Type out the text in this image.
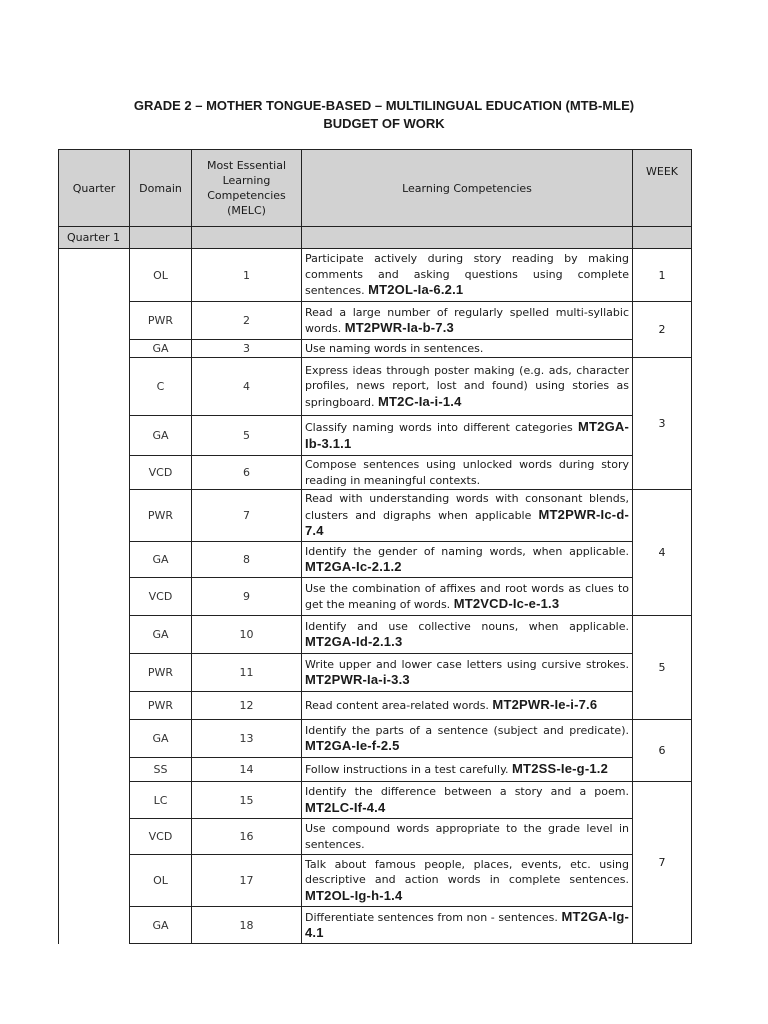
GRADE 2 – MOTHER TONGUE-BASED – MULTILINGUAL EDUCATION (MTB-MLE)
BUDGET OF WORK
Quarter	Domain	Most Essential Learning Competencies (MELC)	Learning Competencies	WEEK
Quarter 1				
	OL	1	Participate actively during story reading by making comments and asking questions using complete sentences. MT2OL-Ia-6.2.1	1
	PWR	2	Read a large number of regularly spelled multi-syllabic words. MT2PWR-Ia-b-7.3	2
	GA	3	Use naming words in sentences.	
	C	4	Express ideas through poster making (e.g. ads, character profiles, news report, lost and found) using stories as springboard. MT2C-Ia-i-1.4	3
	GA	5	Classify naming words into different categories MT2GA-Ib-3.1.1	
	VCD	6	Compose sentences using unlocked words during story reading in meaningful contexts.	
	PWR	7	Read with understanding words with consonant blends, clusters and digraphs when applicable MT2PWR-Ic-d-7.4	4
	GA	8	Identify the gender of naming words, when applicable. MT2GA-Ic-2.1.2	
	VCD	9	Use the combination of affixes and root words as clues to get the meaning of words. MT2VCD-Ic-e-1.3	
	GA	10	Identify and use collective nouns, when applicable. MT2GA-Id-2.1.3	5
	PWR	11	Write upper and lower case letters using cursive strokes. MT2PWR-Ia-i-3.3	
	PWR	12	Read content area-related words. MT2PWR-Ie-i-7.6	
	GA	13	Identify the parts of a sentence (subject and predicate). MT2GA-Ie-f-2.5	6
	SS	14	Follow instructions in a test carefully. MT2SS-Ie-g-1.2	
	LC	15	Identify the difference between a story and a poem. MT2LC-If-4.4	7
	VCD	16	Use compound words appropriate to the grade level in sentences.	
	OL	17	Talk about famous people, places, events, etc. using descriptive and action words in complete sentences. MT2OL-Ig-h-1.4	
	GA	18	Differentiate sentences from non - sentences. MT2GA-Ig-4.1	
